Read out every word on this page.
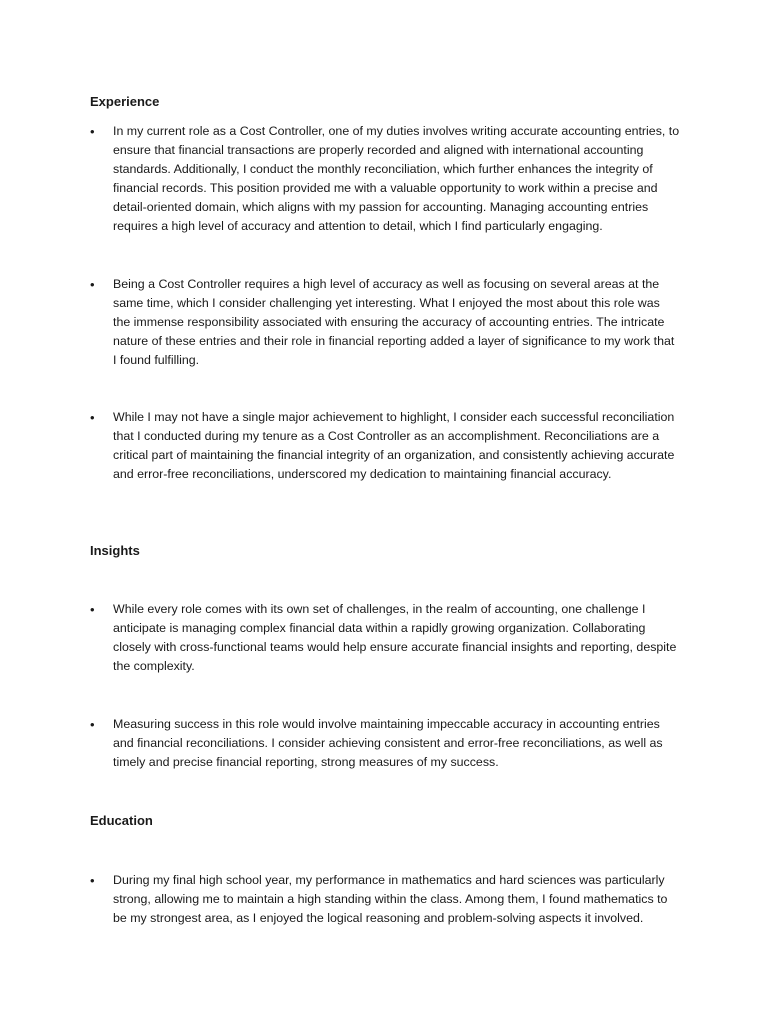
Experience
•	In my current role as a Cost Controller, one of my duties involves writing accurate accounting entries, to ensure that financial transactions are properly recorded and aligned with international accounting standards. Additionally, I conduct the monthly reconciliation, which further enhances the integrity of financial records. This position provided me with a valuable opportunity to work within a precise and detail-oriented domain, which aligns with my passion for accounting. Managing accounting entries requires a high level of accuracy and attention to detail, which I find particularly engaging.

•	Being a Cost Controller requires a high level of accuracy as well as focusing on several areas at the same time, which I consider challenging yet interesting. What I enjoyed the most about this role was the immense responsibility associated with ensuring the accuracy of accounting entries. The intricate nature of these entries and their role in financial reporting added a layer of significance to my work that I found fulfilling.

•	While I may not have a single major achievement to highlight, I consider each successful reconciliation that I conducted during my tenure as a Cost Controller as an accomplishment. Reconciliations are a critical part of maintaining the financial integrity of an organization, and consistently achieving accurate and error-free reconciliations, underscored my dedication to maintaining financial accuracy.

Insights
•	While every role comes with its own set of challenges, in the realm of accounting, one challenge I anticipate is managing complex financial data within a rapidly growing organization. Collaborating closely with cross-functional teams would help ensure accurate financial insights and reporting, despite the complexity.

•	Measuring success in this role would involve maintaining impeccable accuracy in accounting entries and financial reconciliations. I consider achieving consistent and error-free reconciliations, as well as timely and precise financial reporting, strong measures of my success.

Education
•	During my final high school year, my performance in mathematics and hard sciences was particularly strong, allowing me to maintain a high standing within the class. Among them, I found mathematics to be my strongest area, as I enjoyed the logical reasoning and problem-solving aspects it involved.
